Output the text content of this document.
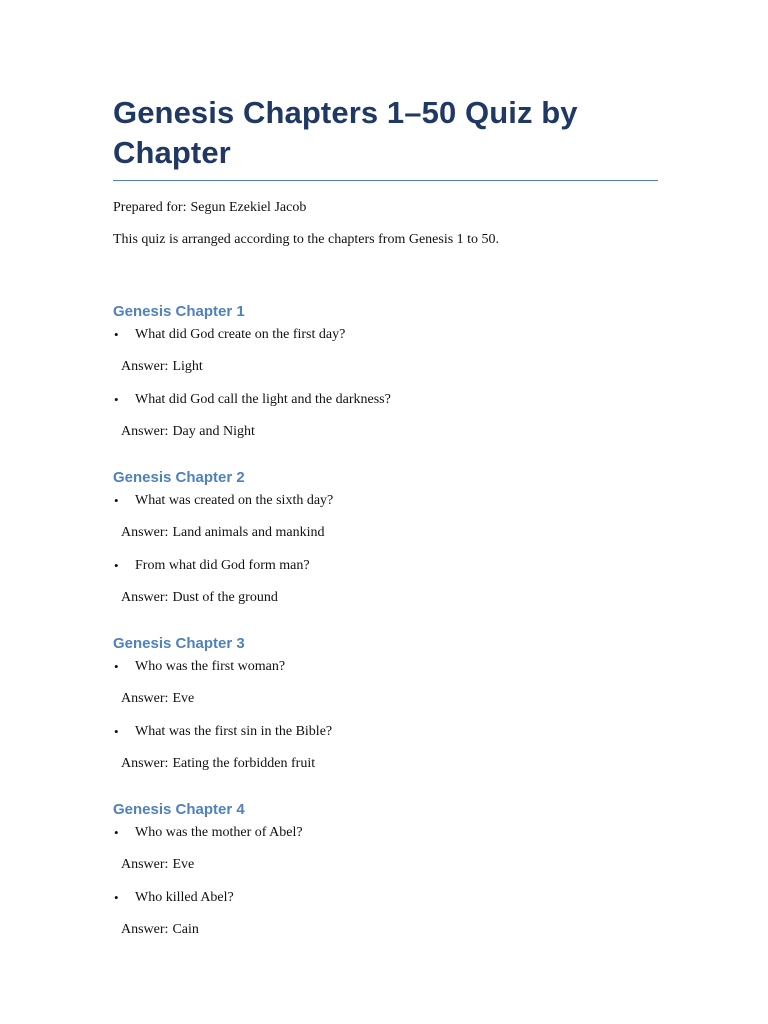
Genesis Chapters 1–50 Quiz by Chapter

Prepared for: Segun Ezekiel Jacob

This quiz is arranged according to the chapters from Genesis 1 to 50.

Genesis Chapter 1
•	What did God create on the first day?

Answer: Light

•	What did God call the light and the darkness?

Answer: Day and Night

Genesis Chapter 2
•	What was created on the sixth day?

Answer: Land animals and mankind

•	From what did God form man?

Answer: Dust of the ground

Genesis Chapter 3
•	Who was the first woman?

Answer: Eve

•	What was the first sin in the Bible?

Answer: Eating the forbidden fruit

Genesis Chapter 4
•	Who was the mother of Abel?

Answer: Eve

•	Who killed Abel?

Answer: Cain
